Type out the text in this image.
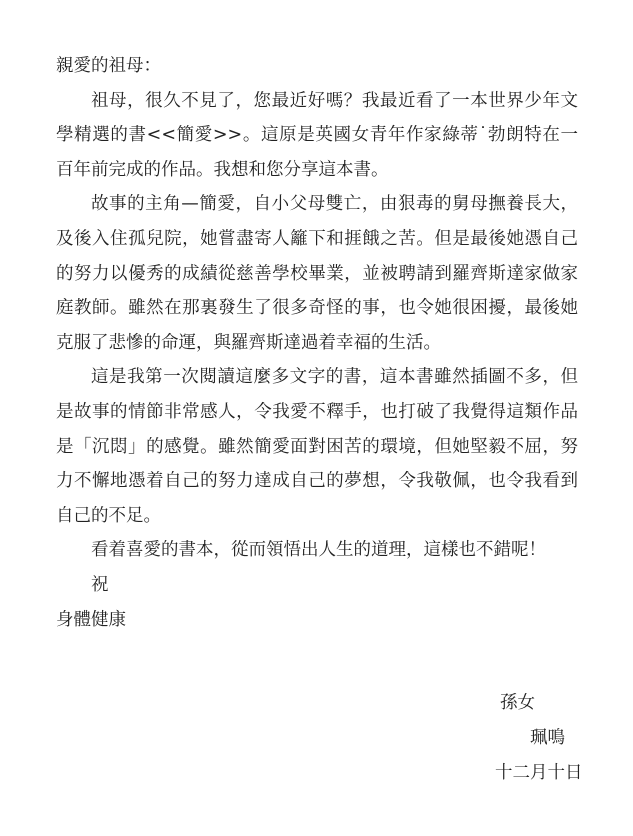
親愛的祖母：

祖母，很久不見了，您最近好嗎？我最近看了一本世界少年文學精選的書<<簡愛>>。這原是英國女青年作家綠蒂˙勃朗特在一百年前完成的作品。我想和您分享這本書。

故事的主角—簡愛，自小父母雙亡，由狠毒的舅母撫養長大，及後入住孤兒院，她嘗盡寄人籬下和捱餓之苦。但是最後她憑自己的努力以優秀的成績從慈善學校畢業，並被聘請到羅齊斯達家做家庭教師。雖然在那裏發生了很多奇怪的事，也令她很困擾，最後她克服了悲慘的命運，與羅齊斯達過着幸福的生活。

這是我第一次閱讀這麼多文字的書，這本書雖然插圖不多，但是故事的情節非常感人，令我愛不釋手，也打破了我覺得這類作品是「沉悶」的感覺。雖然簡愛面對困苦的環境，但她堅毅不屈，努力不懈地憑着自己的努力達成自己的夢想，令我敬佩，也令我看到自己的不足。

看着喜愛的書本，從而領悟出人生的道理，這樣也不錯呢！

祝

身體健康

孫女
珮鳴
十二月十日
